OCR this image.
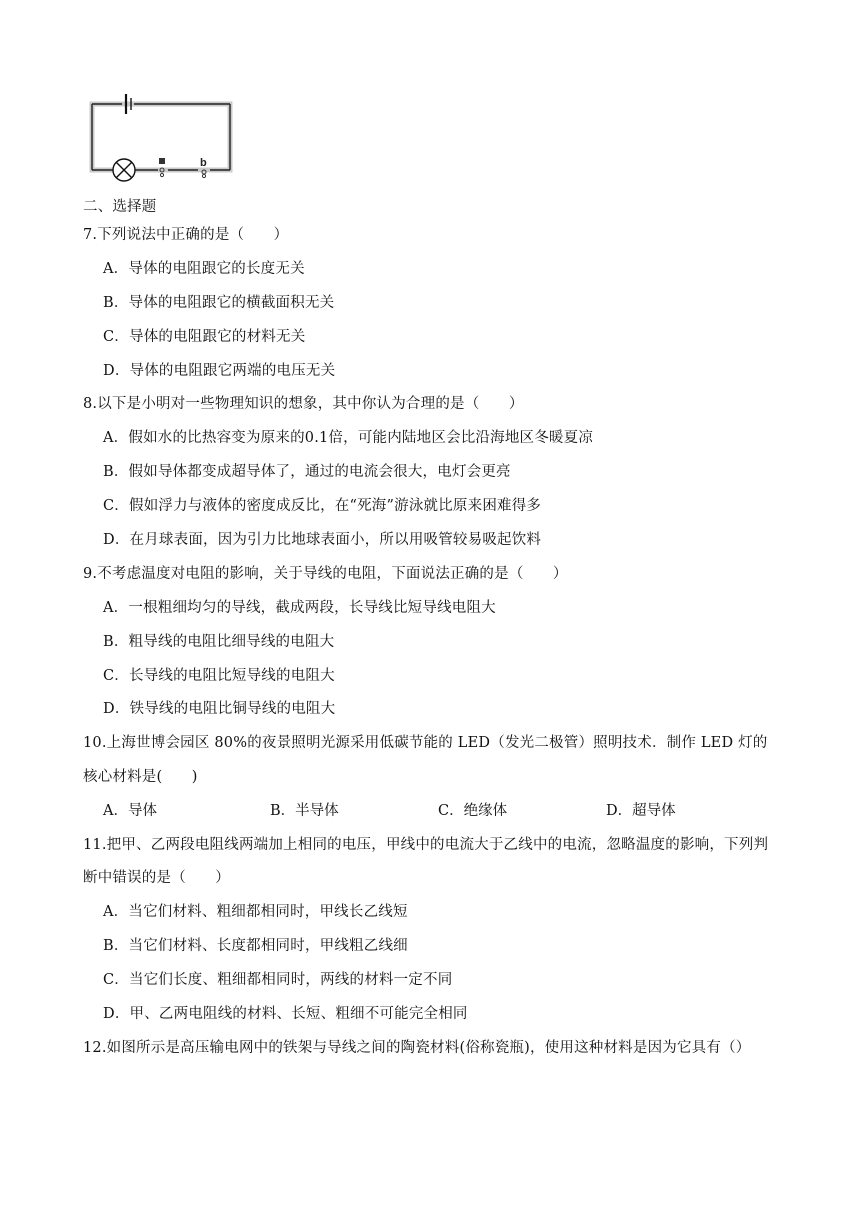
b
a
二、选择题
7.下列说法中正确的是（　　）
A．导体的电阻跟它的长度无关
B．导体的电阻跟它的横截面积无关
C．导体的电阻跟它的材料无关
D．导体的电阻跟它两端的电压无关
8.以下是小明对一些物理知识的想象，其中你认为合理的是（　　）
A．假如水的比热容变为原来的0.1倍，可能内陆地区会比沿海地区冬暖夏凉
B．假如导体都变成超导体了，通过的电流会很大，电灯会更亮
C．假如浮力与液体的密度成反比，在“死海”游泳就比原来困难得多
D．在月球表面，因为引力比地球表面小，所以用吸管较易吸起饮料
9.不考虑温度对电阻的影响，关于导线的电阻，下面说法正确的是（　　）
A．一根粗细均匀的导线，截成两段，长导线比短导线电阻大
B．粗导线的电阻比细导线的电阻大
C．长导线的电阻比短导线的电阻大
D．铁导线的电阻比铜导线的电阻大
10.上海世博会园区 80%的夜景照明光源采用低碳节能的 LED（发光二极管）照明技术．制作 LED 灯的
核心材料是(　　)
A．导体	B．半导体	C．绝缘体	D．超导体
11.把甲、乙两段电阻线两端加上相同的电压，甲线中的电流大于乙线中的电流，忽略温度的影响，下列判
断中错误的是（　　）
A．当它们材料、粗细都相同时，甲线长乙线短
B．当它们材料、长度都相同时，甲线粗乙线细
C．当它们长度、粗细都相同时，两线的材料一定不同
D．甲、乙两电阻线的材料、长短、粗细不可能完全相同
12.如图所示是高压输电网中的铁架与导线之间的陶瓷材料(俗称瓷瓶)，使用这种材料是因为它具有（）
